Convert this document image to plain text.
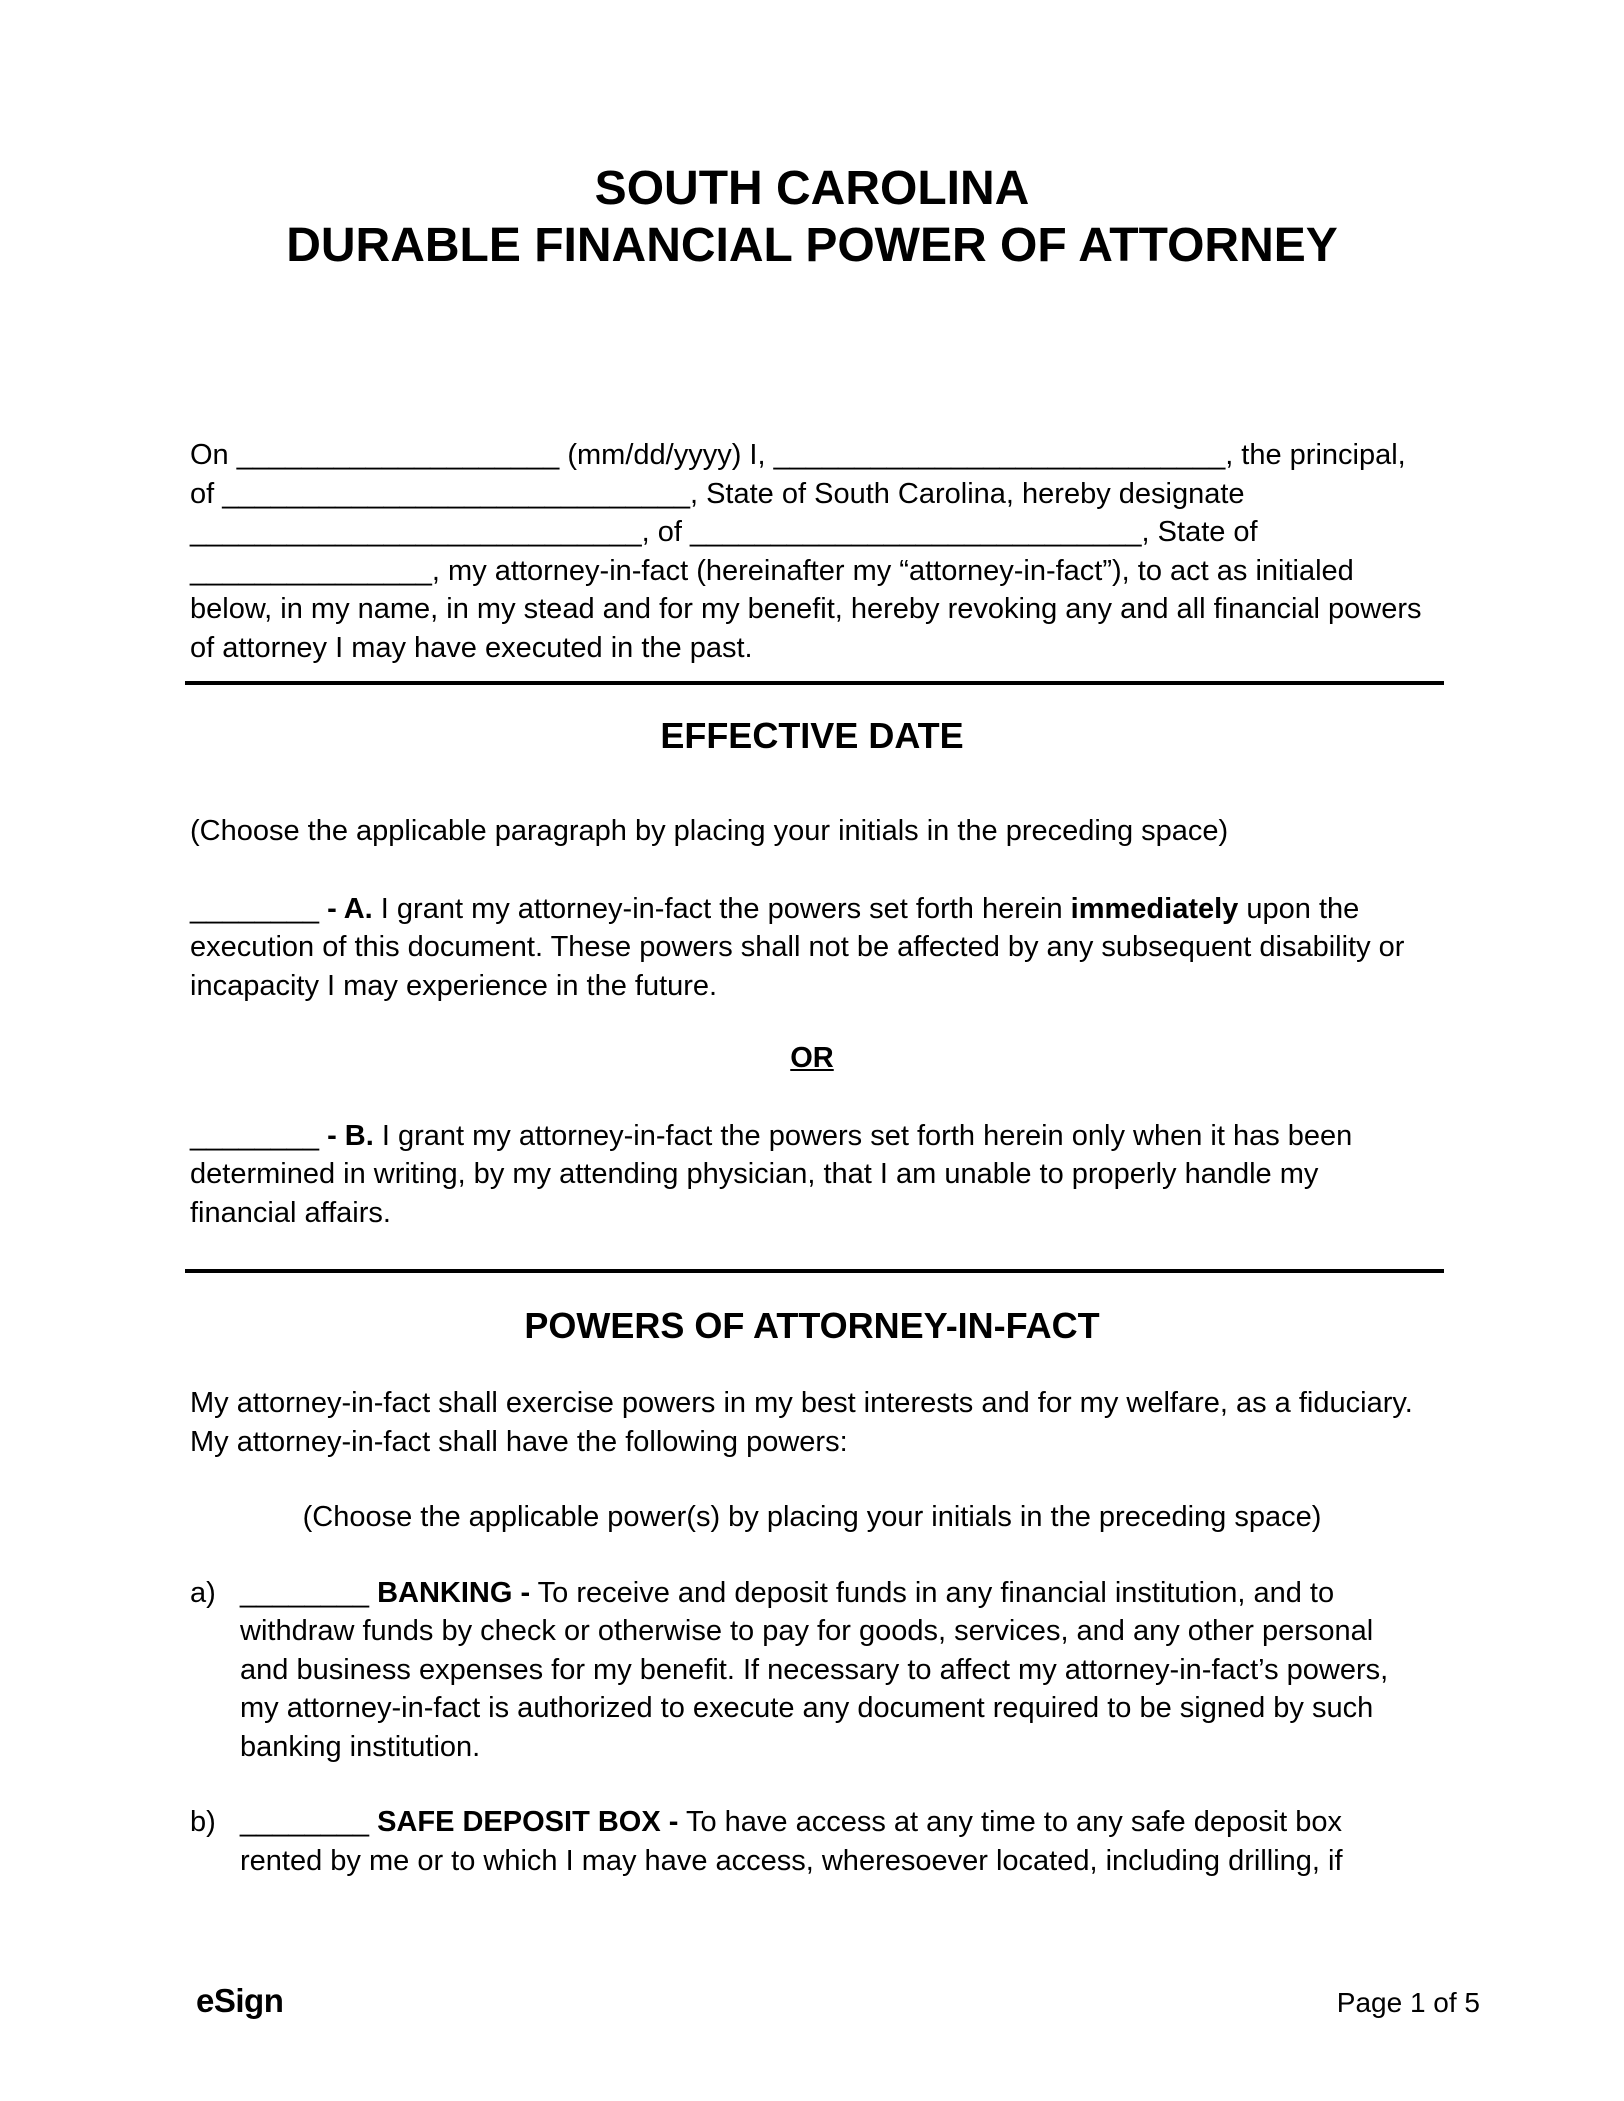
SOUTH CAROLINA
DURABLE FINANCIAL POWER OF ATTORNEY
On ____________________ (mm/dd/yyyy) I, ____________________________, the principal,
of _____________________________, State of South Carolina, hereby designate
____________________________, of ____________________________, State of
_______________, my attorney-in-fact (hereinafter my “attorney-in-fact”), to act as initialed
below, in my name, in my stead and for my benefit, hereby revoking any and all financial powers
of attorney I may have executed in the past.
EFFECTIVE DATE
(Choose the applicable paragraph by placing your initials in the preceding space)
________ - A. I grant my attorney-in-fact the powers set forth herein immediately upon the
execution of this document. These powers shall not be affected by any subsequent disability or
incapacity I may experience in the future.
OR
________ - B. I grant my attorney-in-fact the powers set forth herein only when it has been
determined in writing, by my attending physician, that I am unable to properly handle my
financial affairs.
POWERS OF ATTORNEY-IN-FACT
My attorney-in-fact shall exercise powers in my best interests and for my welfare, as a fiduciary.
My attorney-in-fact shall have the following powers:
(Choose the applicable power(s) by placing your initials in the preceding space)
a) ________ BANKING - To receive and deposit funds in any financial institution, and to
withdraw funds by check or otherwise to pay for goods, services, and any other personal
and business expenses for my benefit. If necessary to affect my attorney-in-fact’s powers,
my attorney-in-fact is authorized to execute any document required to be signed by such
banking institution.
b) ________ SAFE DEPOSIT BOX - To have access at any time to any safe deposit box
rented by me or to which I may have access, wheresoever located, including drilling, if
eSign	Page 1 of 5
